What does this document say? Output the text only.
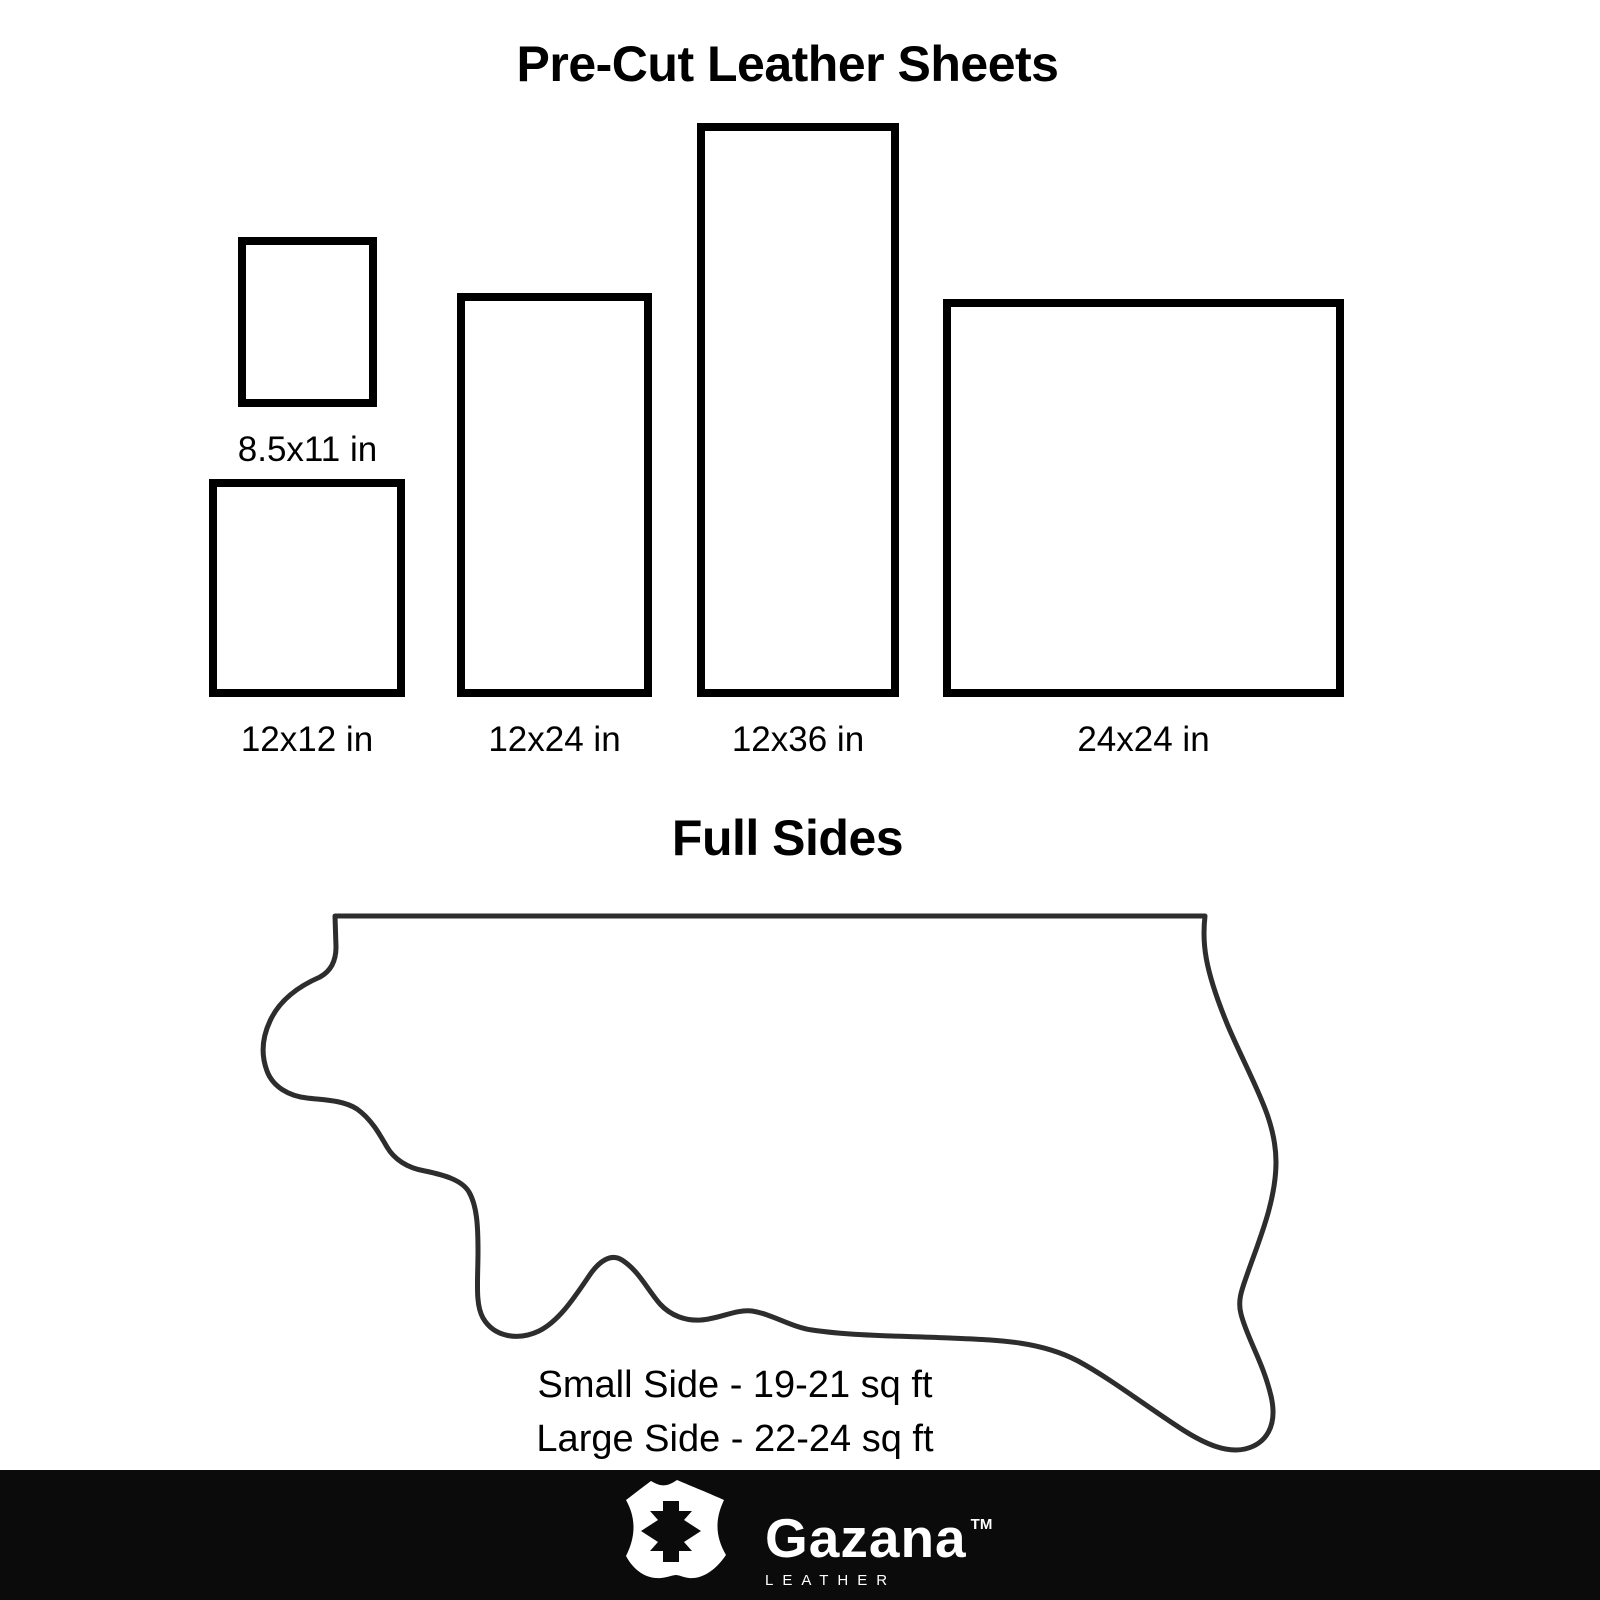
Pre-Cut Leather Sheets
8.5x11 in
12x12 in	12x24 in	12x36 in	24x24 in
Full Sides
Small Side - 19-21 sq ft
Large Side - 22-24 sq ft
Gazana ™
LEATHER
